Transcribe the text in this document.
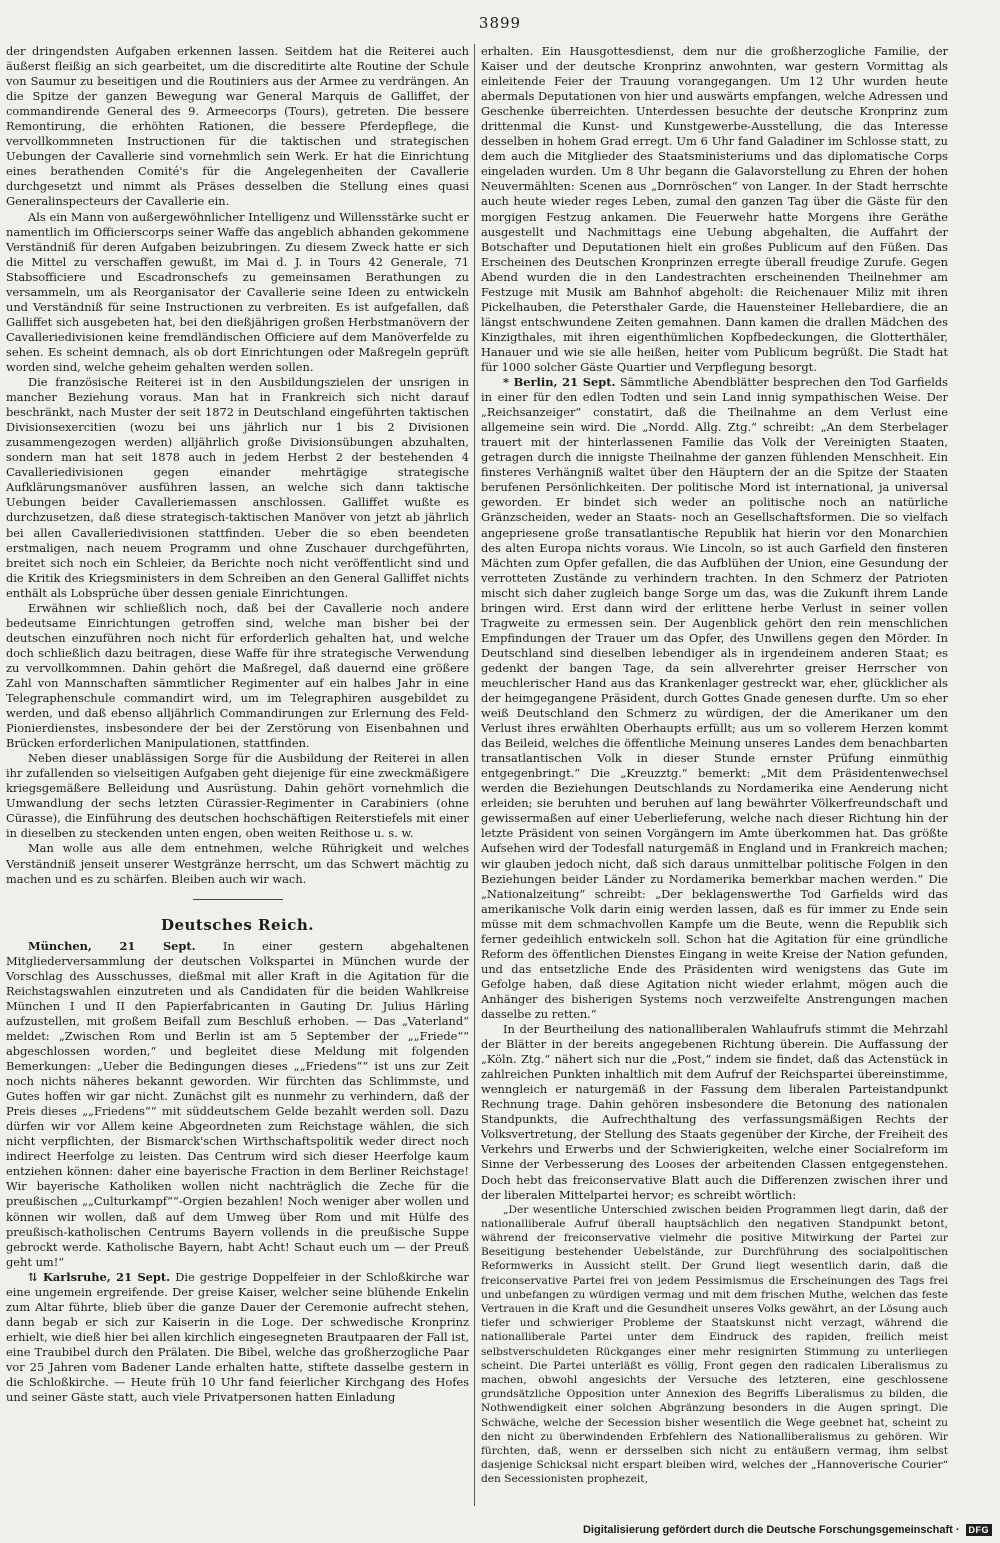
3899

der dringendsten Aufgaben erkennen lassen. Seitdem hat die Reiterei auch äußerst fleißig an sich gearbeitet, um die discreditirte alte Routine der Schule von Saumur zu beseitigen und die Routiniers aus der Armee zu verdrängen. An die Spitze der ganzen Bewegung war General Marquis de Galliffet, der commandirende General des 9. Armeecorps (Tours), getreten. Die bessere Remontirung, die erhöhten Rationen, die bessere Pferdepflege, die vervollkommneten Instructionen für die taktischen und strategischen Uebungen der Cavallerie sind vornehmlich sein Werk. Er hat die Einrichtung eines berathenden Comité's für die Angelegenheiten der Cavallerie durchgesetzt und nimmt als Präses desselben die Stellung eines quasi Generalinspecteurs der Cavallerie ein.

Als ein Mann von außergewöhnlicher Intelligenz und Willensstärke sucht er namentlich im Officierscorps seiner Waffe das angeblich abhanden gekommene Verständniß für deren Aufgaben beizubringen. Zu diesem Zweck hatte er sich die Mittel zu verschaffen gewußt, im Mai d. J. in Tours 42 Generale, 71 Stabsofficiere und Escadronschefs zu gemeinsamen Berathungen zu versammeln, um als Reorganisator der Cavallerie seine Ideen zu entwickeln und Verständniß für seine Instructionen zu verbreiten. Es ist aufgefallen, daß Galliffet sich ausgebeten hat, bei den dießjährigen großen Herbstmanövern der Cavalleriedivisionen keine fremdländischen Officiere auf dem Manöverfelde zu sehen. Es scheint demnach, als ob dort Einrichtungen oder Maßregeln geprüft worden sind, welche geheim gehalten werden sollen.

Die französische Reiterei ist in den Ausbildungszielen der unsrigen in mancher Beziehung voraus. Man hat in Frankreich sich nicht darauf beschränkt, nach Muster der seit 1872 in Deutschland eingeführten taktischen Divisionsexercitien (wozu bei uns jährlich nur 1 bis 2 Divisionen zusammengezogen werden) alljährlich große Divisionsübungen abzuhalten, sondern man hat seit 1878 auch in jedem Herbst 2 der bestehenden 4 Cavalleriedivisionen gegen einander mehrtägige strategische Aufklärungsmanöver ausführen lassen, an welche sich dann taktische Uebungen beider Cavalleriemassen anschlossen. Galliffet wußte es durchzusetzen, daß diese strategisch-taktischen Manöver von jetzt ab jährlich bei allen Cavalleriedivisionen stattfinden. Ueber die so eben beendeten erstmaligen, nach neuem Programm und ohne Zuschauer durchgeführten, breitet sich noch ein Schleier, da Berichte noch nicht veröffentlicht sind und die Kritik des Kriegsministers in dem Schreiben an den General Galliffet nichts enthält als Lobsprüche über dessen geniale Einrichtungen.

Erwähnen wir schließlich noch, daß bei der Cavallerie noch andere bedeutsame Einrichtungen getroffen sind, welche man bisher bei der deutschen einzuführen noch nicht für erforderlich gehalten hat, und welche doch schließlich dazu beitragen, diese Waffe für ihre strategische Verwendung zu vervollkommnen. Dahin gehört die Maßregel, daß dauernd eine größere Zahl von Mannschaften sämmtlicher Regimenter auf ein halbes Jahr in eine Telegraphenschule commandirt wird, um im Telegraphiren ausgebildet zu werden, und daß ebenso alljährlich Commandirungen zur Erlernung des Feld-Pionierdienstes, insbesondere der bei der Zerstörung von Eisenbahnen und Brücken erforderlichen Manipulationen, stattfinden.

Neben dieser unablässigen Sorge für die Ausbildung der Reiterei in allen ihr zufallenden so vielseitigen Aufgaben geht diejenige für eine zweckmäßigere kriegsgemäßere Belleidung und Ausrüstung. Dahin gehört vornehmlich die Umwandlung der sechs letzten Cürassier-Regimenter in Carabiniers (ohne Cürasse), die Einführung des deutschen hochschäftigen Reiterstiefels mit einer in dieselben zu steckenden unten engen, oben weiten Reithose u. s. w.

Man wolle aus alle dem entnehmen, welche Rührigkeit und welches Verständniß jenseit unserer Westgränze herrscht, um das Schwert mächtig zu machen und es zu schärfen. Bleiben auch wir wach.

Deutsches Reich.

München, 21 Sept. In einer gestern abgehaltenen Mitgliederversammlung der deutschen Volkspartei in München wurde der Vorschlag des Ausschusses, dießmal mit aller Kraft in die Agitation für die Reichstagswahlen einzutreten und als Candidaten für die beiden Wahlkreise München I und II den Papierfabricanten in Gauting Dr. Julius Härling aufzustellen, mit großem Beifall zum Beschluß erhoben. — Das „Vaterland“ meldet: „Zwischen Rom und Berlin ist am 5 September der „„Friede““ abgeschlossen worden,“ und begleitet diese Meldung mit folgenden Bemerkungen: „Ueber die Bedingungen dieses „„Friedens““ ist uns zur Zeit noch nichts näheres bekannt geworden. Wir fürchten das Schlimmste, und Gutes hoffen wir gar nicht. Zunächst gilt es nunmehr zu verhindern, daß der Preis dieses „„Friedens““ mit süddeutschem Gelde bezahlt werden soll. Dazu dürfen wir vor Allem keine Abgeordneten zum Reichstage wählen, die sich nicht verpflichten, der Bismarck'schen Wirthschaftspolitik weder direct noch indirect Heerfolge zu leisten. Das Centrum wird sich dieser Heerfolge kaum entziehen können: daher eine bayerische Fraction in dem Berliner Reichstage! Wir bayerische Katholiken wollen nicht nachträglich die Zeche für die preußischen „„Culturkampf““-Orgien bezahlen! Noch weniger aber wollen und können wir wollen, daß auf dem Umweg über Rom und mit Hülfe des preußisch-katholischen Centrums Bayern vollends in die preußische Suppe gebrockt werde. Katholische Bayern, habt Acht! Schaut euch um — der Preuß geht um!“

⇅ Karlsruhe, 21 Sept. Die gestrige Doppelfeier in der Schloßkirche war eine ungemein ergreifende. Der greise Kaiser, welcher seine blühende Enkelin zum Altar führte, blieb über die ganze Dauer der Ceremonie aufrecht stehen, dann begab er sich zur Kaiserin in die Loge. Der schwedische Kronprinz erhielt, wie dieß hier bei allen kirchlich eingesegneten Brautpaaren der Fall ist, eine Traubibel durch den Prälaten. Die Bibel, welche das großherzogliche Paar vor 25 Jahren vom Badener Lande erhalten hatte, stiftete dasselbe gestern in die Schloßkirche. — Heute früh 10 Uhr fand feierlicher Kirchgang des Hofes und seiner Gäste statt, auch viele Privatpersonen hatten Einladung

erhalten. Ein Hausgottesdienst, dem nur die großherzogliche Familie, der Kaiser und der deutsche Kronprinz anwohnten, war gestern Vormittag als einleitende Feier der Trauung vorangegangen. Um 12 Uhr wurden heute abermals Deputationen von hier und auswärts empfangen, welche Adressen und Geschenke überreichten. Unterdessen besuchte der deutsche Kronprinz zum drittenmal die Kunst- und Kunstgewerbe-Ausstellung, die das Interesse desselben in hohem Grad erregt. Um 6 Uhr fand Galadiner im Schlosse statt, zu dem auch die Mitglieder des Staatsministeriums und das diplomatische Corps eingeladen wurden. Um 8 Uhr begann die Galavorstellung zu Ehren der hohen Neuvermählten: Scenen aus „Dornröschen“ von Langer. In der Stadt herrschte auch heute wieder reges Leben, zumal den ganzen Tag über die Gäste für den morgigen Festzug ankamen. Die Feuerwehr hatte Morgens ihre Geräthe ausgestellt und Nachmittags eine Uebung abgehalten, die Auffahrt der Botschafter und Deputationen hielt ein großes Publicum auf den Füßen. Das Erscheinen des Deutschen Kronprinzen erregte überall freudige Zurufe. Gegen Abend wurden die in den Landestrachten erscheinenden Theilnehmer am Festzuge mit Musik am Bahnhof abgeholt: die Reichenauer Miliz mit ihren Pickelhauben, die Petersthaler Garde, die Hauensteiner Hellebardiere, die an längst entschwundene Zeiten gemahnen. Dann kamen die drallen Mädchen des Kinzigthales, mit ihren eigenthümlichen Kopfbedeckungen, die Glotterthäler, Hanauer und wie sie alle heißen, heiter vom Publicum begrüßt. Die Stadt hat für 1000 solcher Gäste Quartier und Verpflegung besorgt.

* Berlin, 21 Sept. Sämmtliche Abendblätter besprechen den Tod Garfields in einer für den edlen Todten und sein Land innig sympathischen Weise. Der „Reichsanzeiger“ constatirt, daß die Theilnahme an dem Verlust eine allgemeine sein wird. Die „Nordd. Allg. Ztg.“ schreibt: „An dem Sterbelager trauert mit der hinterlassenen Familie das Volk der Vereinigten Staaten, getragen durch die innigste Theilnahme der ganzen fühlenden Menschheit. Ein finsteres Verhängniß waltet über den Häuptern der an die Spitze der Staaten berufenen Persönlichkeiten. Der politische Mord ist international, ja universal geworden. Er bindet sich weder an politische noch an natürliche Gränzscheiden, weder an Staats- noch an Gesellschaftsformen. Die so vielfach angepriesene große transatlantische Republik hat hierin vor den Monarchien des alten Europa nichts voraus. Wie Lincoln, so ist auch Garfield den finsteren Mächten zum Opfer gefallen, die das Aufblühen der Union, eine Gesundung der verrotteten Zustände zu verhindern trachten. In den Schmerz der Patrioten mischt sich daher zugleich bange Sorge um das, was die Zukunft ihrem Lande bringen wird. Erst dann wird der erlittene herbe Verlust in seiner vollen Tragweite zu ermessen sein. Der Augenblick gehört den rein menschlichen Empfindungen der Trauer um das Opfer, des Unwillens gegen den Mörder. In Deutschland sind dieselben lebendiger als in irgendeinem anderen Staat; es gedenkt der bangen Tage, da sein allverehrter greiser Herrscher von meuchlerischer Hand aus das Krankenlager gestreckt war, eher, glücklicher als der heimgegangene Präsident, durch Gottes Gnade genesen durfte. Um so eher weiß Deutschland den Schmerz zu würdigen, der die Amerikaner um den Verlust ihres erwählten Oberhaupts erfüllt; aus um so vollerem Herzen kommt das Beileid, welches die öffentliche Meinung unseres Landes dem benachbarten transatlantischen Volk in dieser Stunde ernster Prüfung einmüthig entgegenbringt.“ Die „Kreuzztg.“ bemerkt: „Mit dem Präsidentenwechsel werden die Beziehungen Deutschlands zu Nordamerika eine Aenderung nicht erleiden; sie beruhten und beruhen auf lang bewährter Völkerfreundschaft und gewissermaßen auf einer Ueberlieferung, welche nach dieser Richtung hin der letzte Präsident von seinen Vorgängern im Amte überkommen hat. Das größte Aufsehen wird der Todesfall naturgemäß in England und in Frankreich machen; wir glauben jedoch nicht, daß sich daraus unmittelbar politische Folgen in den Beziehungen beider Länder zu Nordamerika bemerkbar machen werden.“ Die „Nationalzeitung“ schreibt: „Der beklagenswerthe Tod Garfields wird das amerikanische Volk darin einig werden lassen, daß es für immer zu Ende sein müsse mit dem schmachvollen Kampfe um die Beute, wenn die Republik sich ferner gedeihlich entwickeln soll. Schon hat die Agitation für eine gründliche Reform des öffentlichen Dienstes Eingang in weite Kreise der Nation gefunden, und das entsetzliche Ende des Präsidenten wird wenigstens das Gute im Gefolge haben, daß diese Agitation nicht wieder erlahmt, mögen auch die Anhänger des bisherigen Systems noch verzweifelte Anstrengungen machen dasselbe zu retten.“

In der Beurtheilung des nationalliberalen Wahlaufrufs stimmt die Mehrzahl der Blätter in der bereits angegebenen Richtung überein. Die Auffassung der „Köln. Ztg.“ nähert sich nur die „Post,“ indem sie findet, daß das Actenstück in zahlreichen Punkten inhaltlich mit dem Aufruf der Reichspartei übereinstimme, wenngleich er naturgemäß in der Fassung dem liberalen Parteistandpunkt Rechnung trage. Dahin gehören insbesondere die Betonung des nationalen Standpunkts, die Aufrechthaltung des verfassungsmäßigen Rechts der Volksvertretung, der Stellung des Staats gegenüber der Kirche, der Freiheit des Verkehrs und Erwerbs und der Schwierigkeiten, welche einer Socialreform im Sinne der Verbesserung des Looses der arbeitenden Classen entgegenstehen. Doch hebt das freiconservative Blatt auch die Differenzen zwischen ihrer und der liberalen Mittelpartei hervor; es schreibt wörtlich:

„Der wesentliche Unterschied zwischen beiden Programmen liegt darin, daß der nationalliberale Aufruf überall hauptsächlich den negativen Standpunkt betont, während der freiconservative vielmehr die positive Mitwirkung der Partei zur Beseitigung bestehender Uebelstände, zur Durchführung des socialpolitischen Reformwerks in Aussicht stellt. Der Grund liegt wesentlich darin, daß die freiconservative Partei frei von jedem Pessimismus die Erscheinungen des Tags frei und unbefangen zu würdigen vermag und mit dem frischen Muthe, welchen das feste Vertrauen in die Kraft und die Gesundheit unseres Volks gewährt, an der Lösung auch tiefer und schwieriger Probleme der Staatskunst nicht verzagt, während die nationalliberale Partei unter dem Eindruck des rapiden, freilich meist selbstverschuldeten Rückganges einer mehr resignirten Stimmung zu unterliegen scheint. Die Partei unterläßt es völlig, Front gegen den radicalen Liberalismus zu machen, obwohl angesichts der Versuche des letzteren, eine geschlossene grundsätzliche Opposition unter Annexion des Begriffs Liberalismus zu bilden, die Nothwendigkeit einer solchen Abgränzung besonders in die Augen springt. Die Schwäche, welche der Secession bisher wesentlich die Wege geebnet hat, scheint zu den nicht zu überwindenden Erbfehlern des Nationalliberalismus zu gehören. Wir fürchten, daß, wenn er dersselben sich nicht zu entäußern vermag, ihm selbst dasjenige Schicksal nicht erspart bleiben wird, welches der „Hannoverische Courier“ den Secessionisten prophezeit,

Digitalisierung gefördert durch die Deutsche Forschungsgemeinschaft ·	DFG
